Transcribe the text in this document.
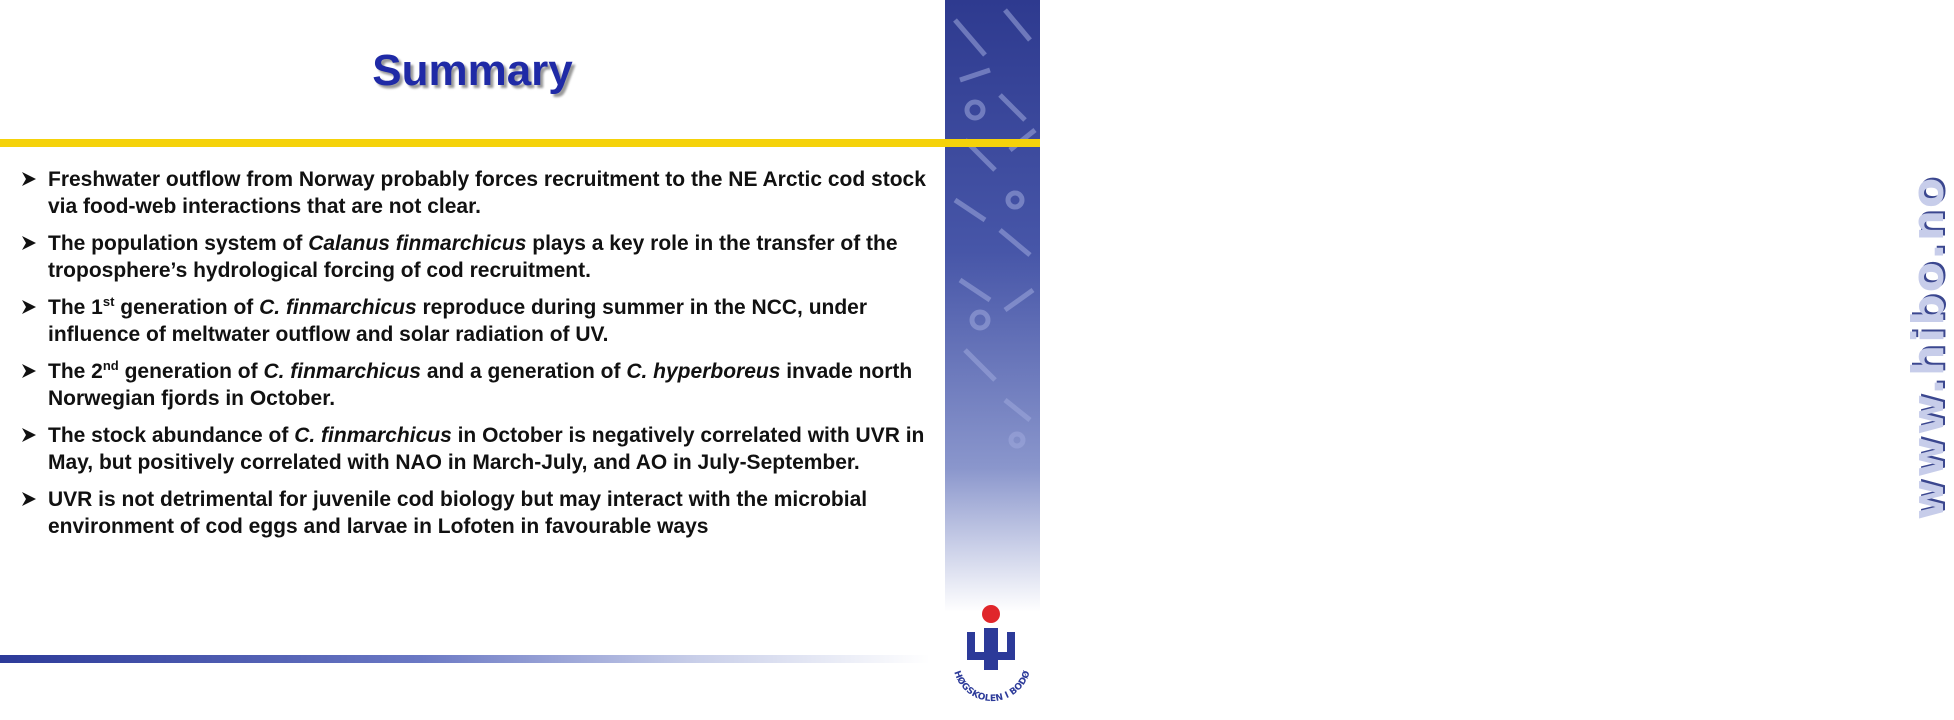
www.hibo.no
Summary
Freshwater outflow from Norway probably forces recruitment to the NE Arctic cod stock via food-web interactions that are not clear.
The population system of Calanus finmarchicus plays a key role in the transfer of the troposphere’s hydrological forcing of cod recruitment.
The 1st generation of C. finmarchicus reproduce during summer in the NCC, under influence of meltwater outflow and solar radiation of UV.
The 2nd generation of C. finmarchicus and a generation of C. hyperboreus invade north Norwegian fjords in October.
The stock abundance of C. finmarchicus in October is negatively correlated with UVR in May, but positively correlated with NAO in March-July, and AO in July-September.
UVR is not detrimental for juvenile cod biology but may interact with the microbial environment of cod eggs and larvae in Lofoten in favourable ways
HØGSKOLEN I BODØ
